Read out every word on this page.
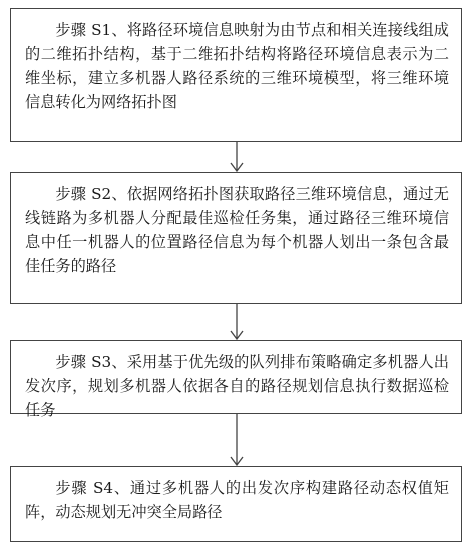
步骤 S1、将路径环境信息映射为由节点和相关连接线组成的二维拓扑结构，基于二维拓扑结构将路径环境信息表示为二维坐标，建立多机器人路径系统的三维环境模型，将三维环境信息转化为网络拓扑图

步骤 S2、依据网络拓扑图获取路径三维环境信息，通过无线链路为多机器人分配最佳巡检任务集，通过路径三维环境信息中任一机器人的位置路径信息为每个机器人划出一条包含最佳任务的路径

步骤 S3、采用基于优先级的队列排布策略确定多机器人出发次序，规划多机器人依据各自的路径规划信息执行数据巡检任务

步骤 S4、通过多机器人的出发次序构建路径动态权值矩阵，动态规划无冲突全局路径
